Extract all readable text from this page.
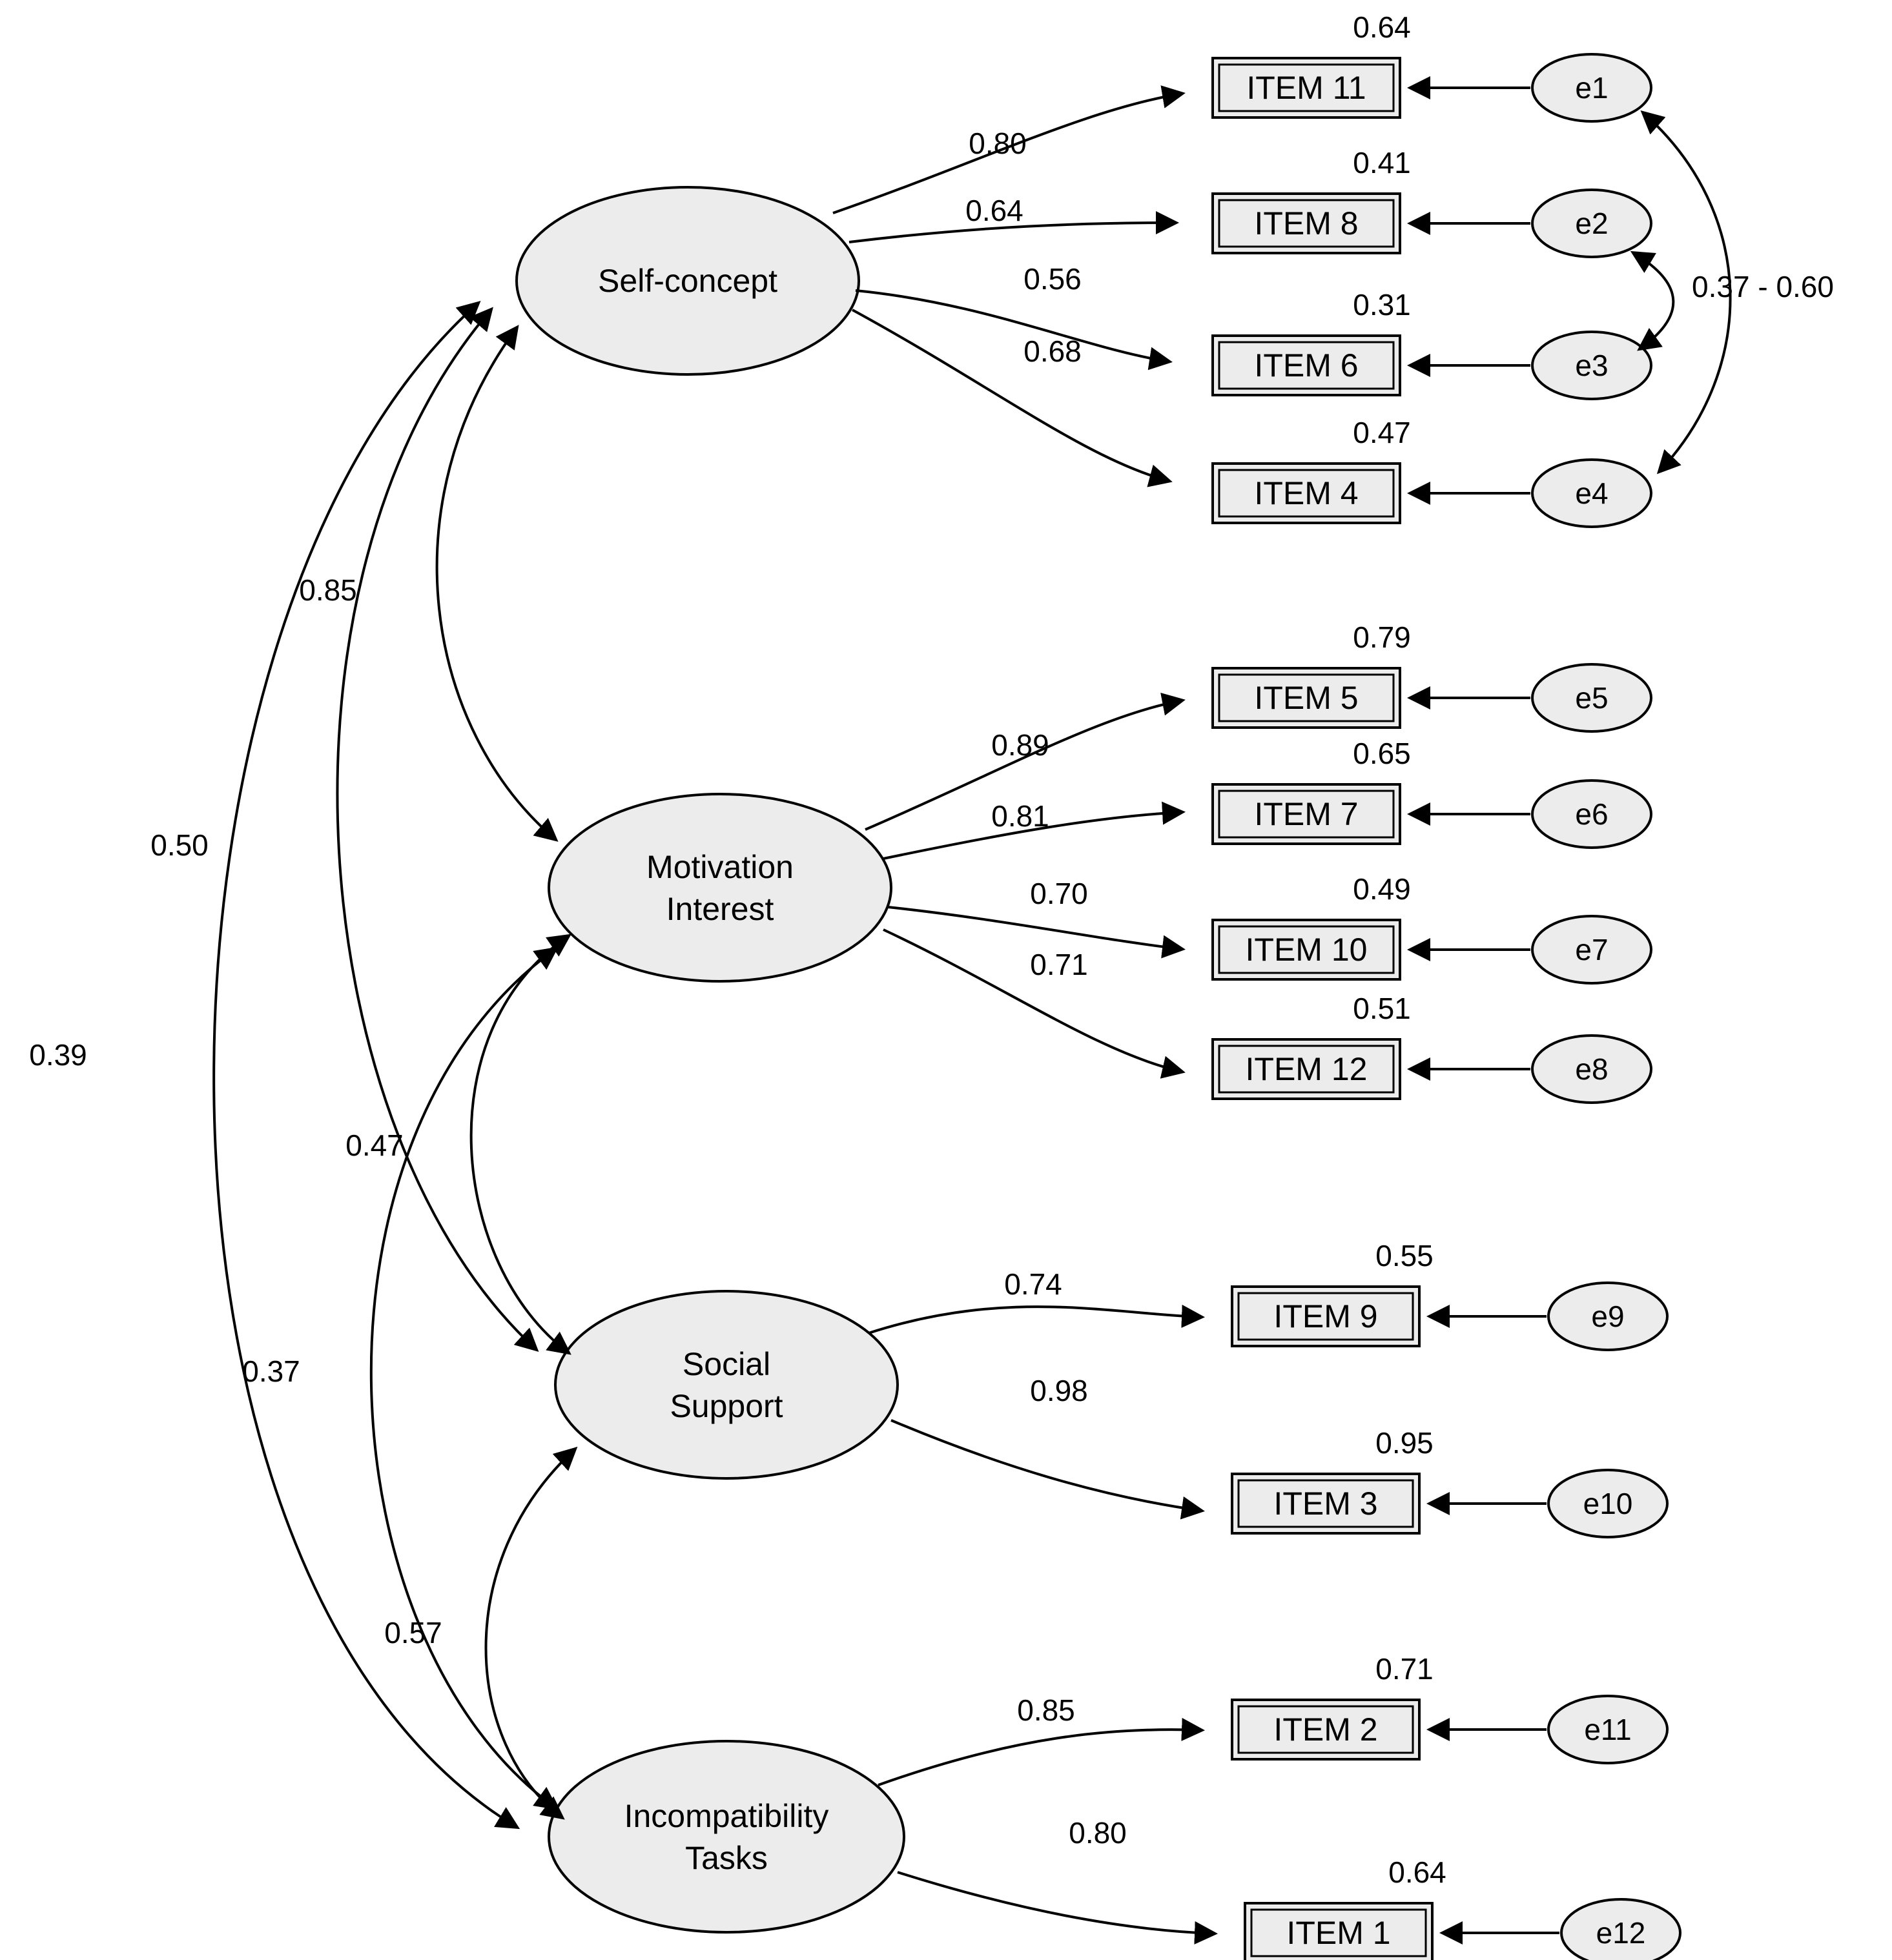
Self-concept
0.80
0.64
0.56
0.68
ITEM 11
0.64
e1
ITEM 8
0.41
e2
ITEM 6
0.31
e3
ITEM 4
0.47
e4
0.37 - 0.60
Motivation
Interest
0.89
0.81
0.70
0.71
ITEM 5
0.79
e5
ITEM 7
0.65
e6
ITEM 10
0.49
e7
ITEM 12
0.51
e8
Social
Support
0.74
0.98
ITEM 9
0.55
e9
ITEM 3
0.95
e10
Incompatibility
Tasks
0.85
0.80
ITEM 2
0.71
e11
ITEM 1
0.64
e12
0.85
0.50
0.39
0.47
0.37
0.57
